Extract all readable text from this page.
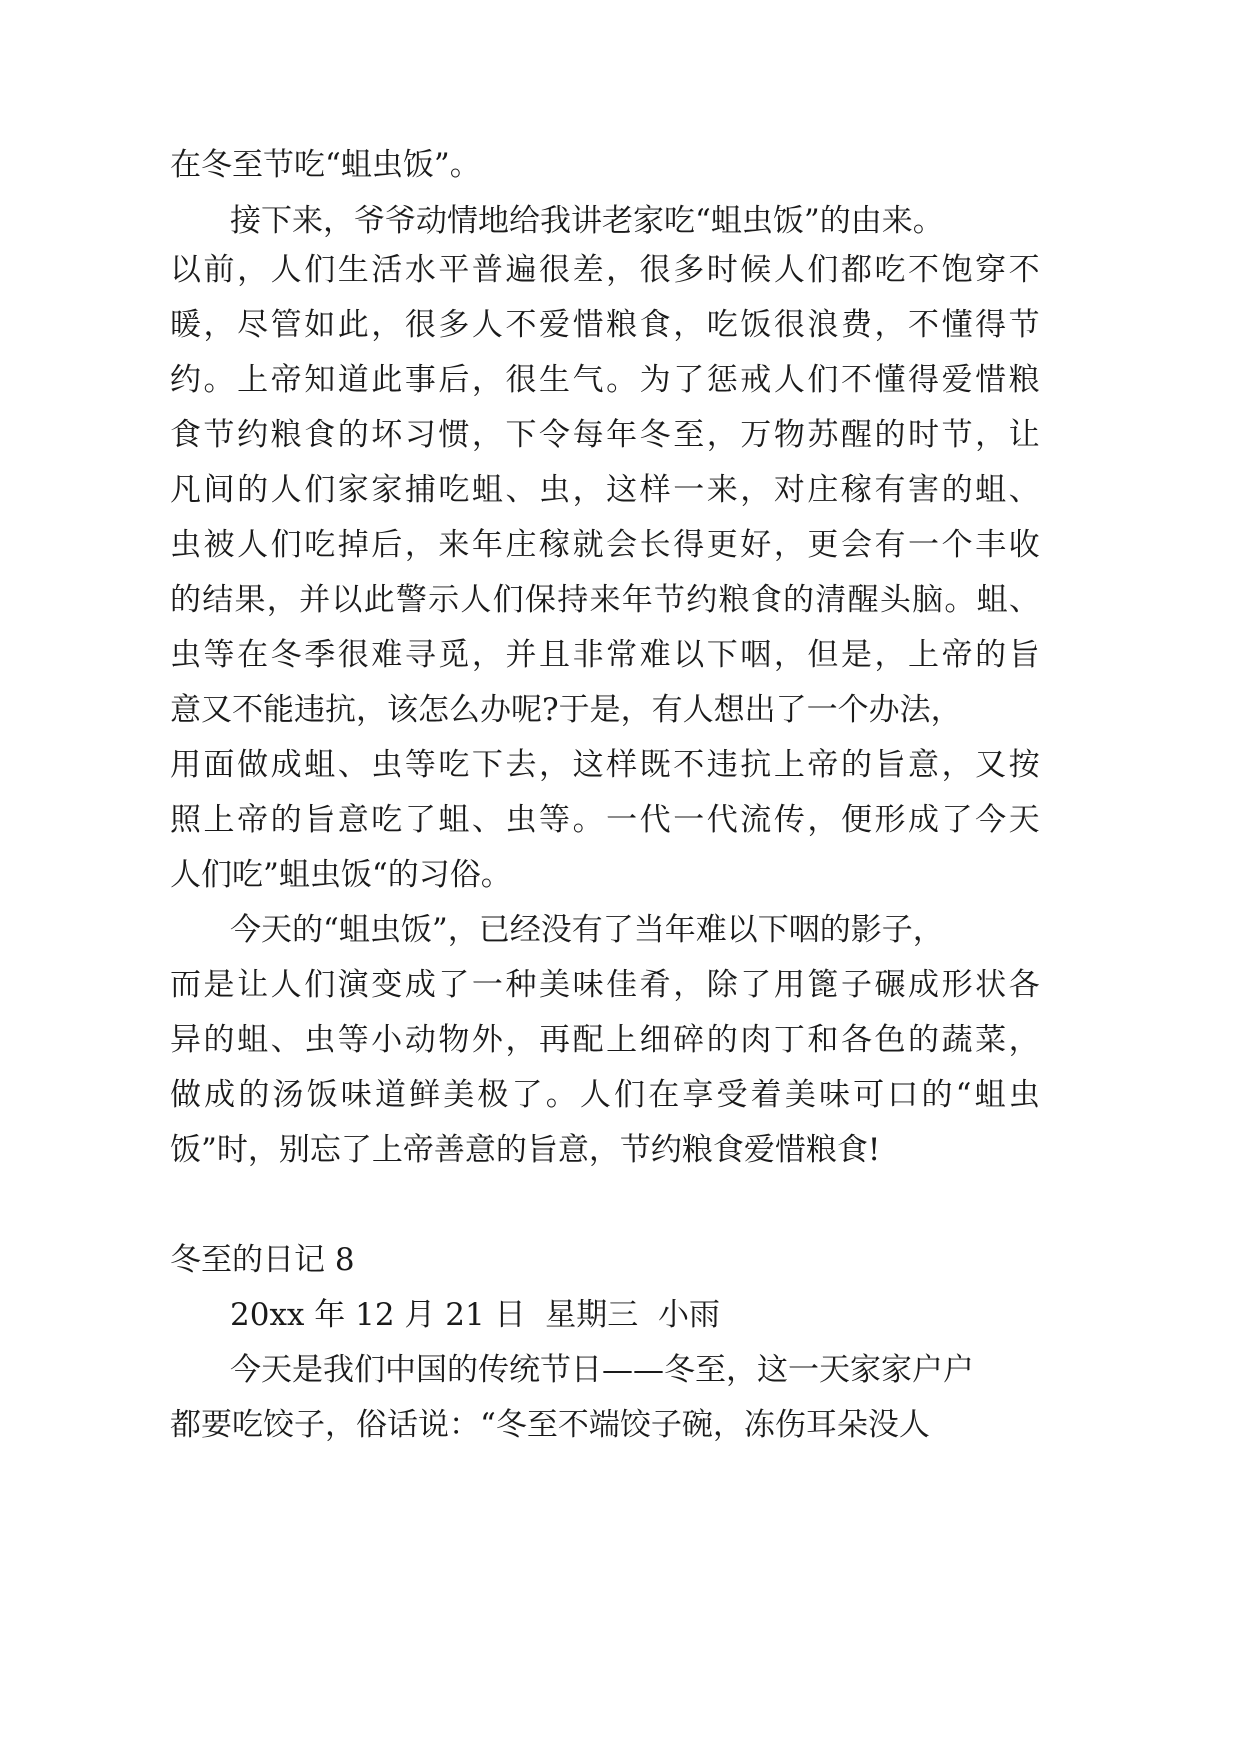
在冬至节吃“蛆虫饭”。

接下来，爷爷动情地给我讲老家吃“蛆虫饭”的由来。

以 前 ， 人 们 生 活 水 平 普 遍 很 差 ， 很 多 时 候 人 们 都 吃 不 饱 穿 不

暖 ， 尽 管 如 此 ， 很 多 人 不 爱 惜 粮 食 ， 吃 饭 很 浪 费 ， 不 懂 得 节

约 。 上 帝 知 道 此 事 后 ， 很 生 气 。 为 了 惩 戒 人 们 不 懂 得 爱 惜 粮

食 节 约 粮 食 的 坏 习 惯 ， 下 令 每 年 冬 至 ， 万 物 苏 醒 的 时 节 ， 让

凡 间 的 人 们 家 家 捕 吃 蛆 、 虫 ， 这 样 一 来 ， 对 庄 稼 有 害 的 蛆 、

虫 被 人 们 吃 掉 后 ， 来 年 庄 稼 就 会 长 得 更 好 ， 更 会 有 一 个 丰 收

的 结 果 ， 并 以 此 警 示 人 们 保 持 来 年 节 约 粮 食 的 清 醒 头 脑 。 蛆 、

虫 等 在 冬 季 很 难 寻 觅 ， 并 且 非 常 难 以 下 咽 ， 但 是 ， 上 帝 的 旨

意又不能违抗，该怎么办呢?于是，有人想出了一个办法，

用 面 做 成 蛆 、 虫 等 吃 下 去 ， 这 样 既 不 违 抗 上 帝 的 旨 意 ， 又 按

照 上 帝 的 旨 意 吃 了 蛆 、 虫 等 。 一 代 一 代 流 传 ， 便 形 成 了 今 天

人们吃”蛆虫饭“的习俗。

今天的“蛆虫饭”，已经没有了当年难以下咽的影子，

而 是 让 人 们 演 变 成 了 一 种 美 味 佳 肴 ， 除 了 用 篦 子 碾 成 形 状 各

异 的 蛆 、 虫 等 小 动 物 外 ， 再 配 上 细 碎 的 肉 丁 和 各 色 的 蔬 菜 ，

做 成 的 汤 饭 味 道 鲜 美 极 了 。 人 们 在 享 受 着 美 味 可 口 的 “ 蛆 虫

饭”时，别忘了上帝善意的旨意，节约粮食爱惜粮食!

冬至的日记 8

20xx 年 12 月 21 日  星期三  小雨

今天是我们中国的传统节日——冬至，这一天家家户户

都要吃饺子，俗话说：“冬至不端饺子碗，冻伤耳朵没人
